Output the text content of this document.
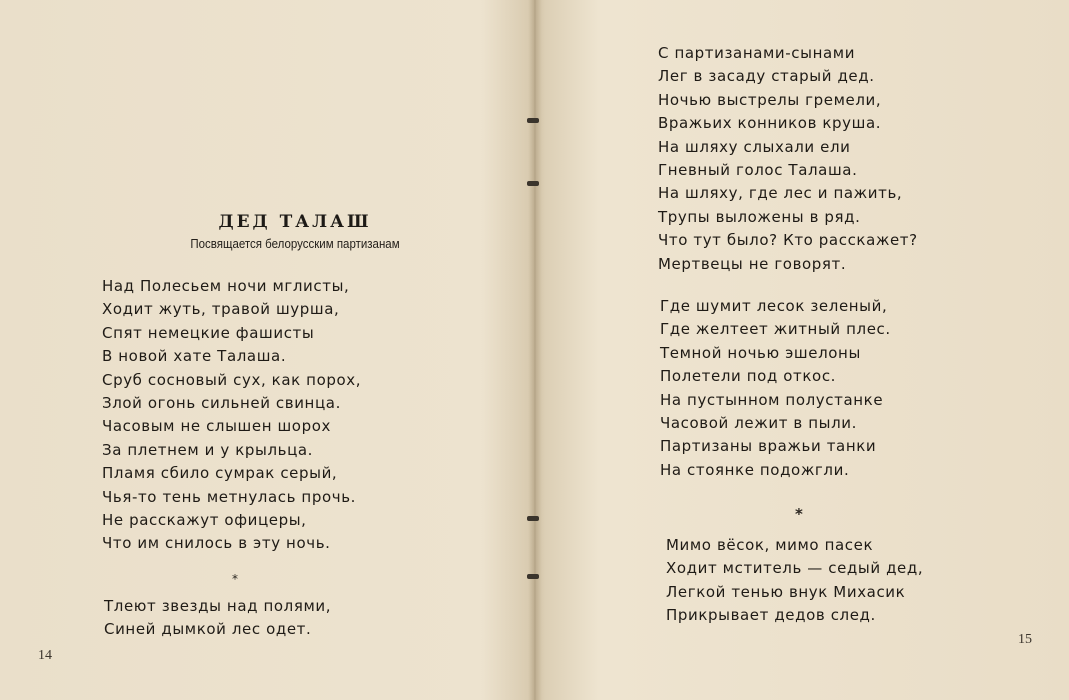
ДЕД ТАЛАШ
Посвящается белорусским партизанам
Над Полесьем ночи мглисты,
Ходит жуть, травой шурша,
Спят немецкие фашисты
В новой хате Талаша.
Сруб сосновый сух, как порох,
Злой огонь сильней свинца.
Часовым не слышен шорох
За плетнем и у крыльца.
Пламя сбило сумрак серый,
Чья-то тень метнулась прочь.
Не расскажут офицеры,
Что им снилось в эту ночь.
*
Тлеют звезды над полями,
Синей дымкой лес одет.
14
С партизанами-сынами
Лег в засаду старый дед.
Ночью выстрелы гремели,
Вражьих конников круша.
На шляху слыхали ели
Гневный голос Талаша.
На шляху, где лес и пажить,
Трупы выложены в ряд.
Что тут было? Кто расскажет?
Мертвецы не говорят.
Где шумит лесок зеленый,
Где желтеет житный плес.
Темной ночью эшелоны
Полетели под откос.
На пустынном полустанке
Часовой лежит в пыли.
Партизаны вражьи танки
На стоянке подожгли.
*
Мимо вёсок, мимо пасек
Ходит мститель — седый дед,
Легкой тенью внук Михасик
Прикрывает дедов след.
15
